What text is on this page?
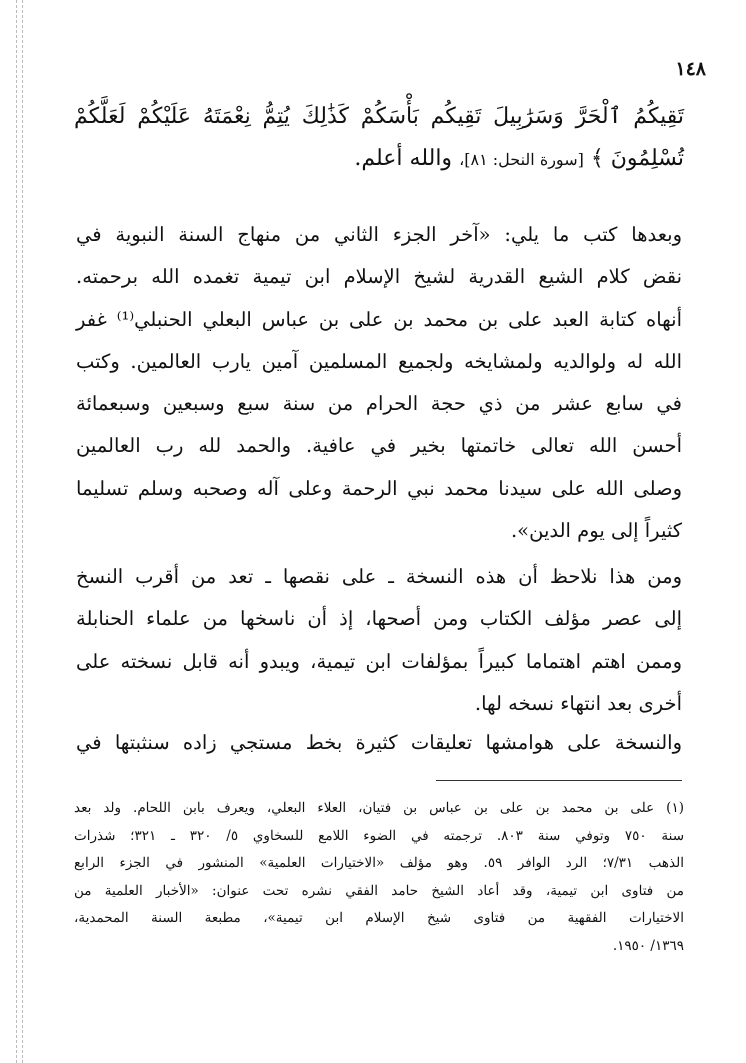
١٤٨
تَقِيكُمُ ٱلْحَرَّ وَسَرَٰبِيلَ تَقِيكُم بَأْسَكُمْ كَذَٰلِكَ يُتِمُّ نِعْمَتَهُ عَلَيْكُمْ لَعَلَّكُمْ تُسْلِمُونَ ﴾ [سورة النحل: ٨١]، والله أعلم.
وبعدها كتب ما يلي: «آخر الجزء الثاني من منهاج السنة النبوية في
نقض كلام الشيع القدرية لشيخ الإسلام ابن تيمية تغمده الله برحمته.
أنهاه كتابة العبد على بن محمد بن على بن عباس البعلي الحنبلي⁽¹⁾ غفر
الله له ولوالديه ولمشايخه ولجميع المسلمين آمين يارب العالمين. وكتب
في سابع عشر من ذي حجة الحرام من سنة سبع وسبعين وسبعمائة
أحسن الله تعالى خاتمتها بخير في عافية. والحمد لله رب العالمين
وصلى الله على سيدنا محمد نبي الرحمة وعلى آله وصحبه وسلم تسليما
كثيراً إلى يوم الدين».
ومن هذا نلاحظ أن هذه النسخة ـ على نقصها ـ تعد من أقرب النسخ
إلى عصر مؤلف الكتاب ومن أصحها، إذ أن ناسخها من علماء الحنابلة
وممن اهتم اهتماما كبيراً بمؤلفات ابن تيمية، ويبدو أنه قابل نسخته على
أخرى بعد انتهاء نسخه لها.
والنسخة على هوامشها تعليقات كثيرة بخط مستجي زاده سنثبتها في
(١) على بن محمد بن على بن عباس بن فتيان، العلاء البعلي، ويعرف بابن اللحام. ولد بعد
سنة ٧٥٠ وتوفي سنة ٨٠٣. ترجمته في الضوء اللامع للسخاوي ٥/ ٣٢٠ ـ ٣٢١؛ شذرات
الذهب ٧/٣١؛ الرد الوافر ٥٩. وهو مؤلف «الاختيارات العلمية» المنشور في الجزء الرابع
من فتاوى ابن تيمية، وقد أعاد الشيخ حامد الفقي نشره تحت عنوان: «الأخبار العلمية من
الاختيارات الفقهية من فتاوى شيخ الإسلام ابن تيمية»، مطبعة السنة المحمدية،
١٣٦٩/ ١٩٥٠.
